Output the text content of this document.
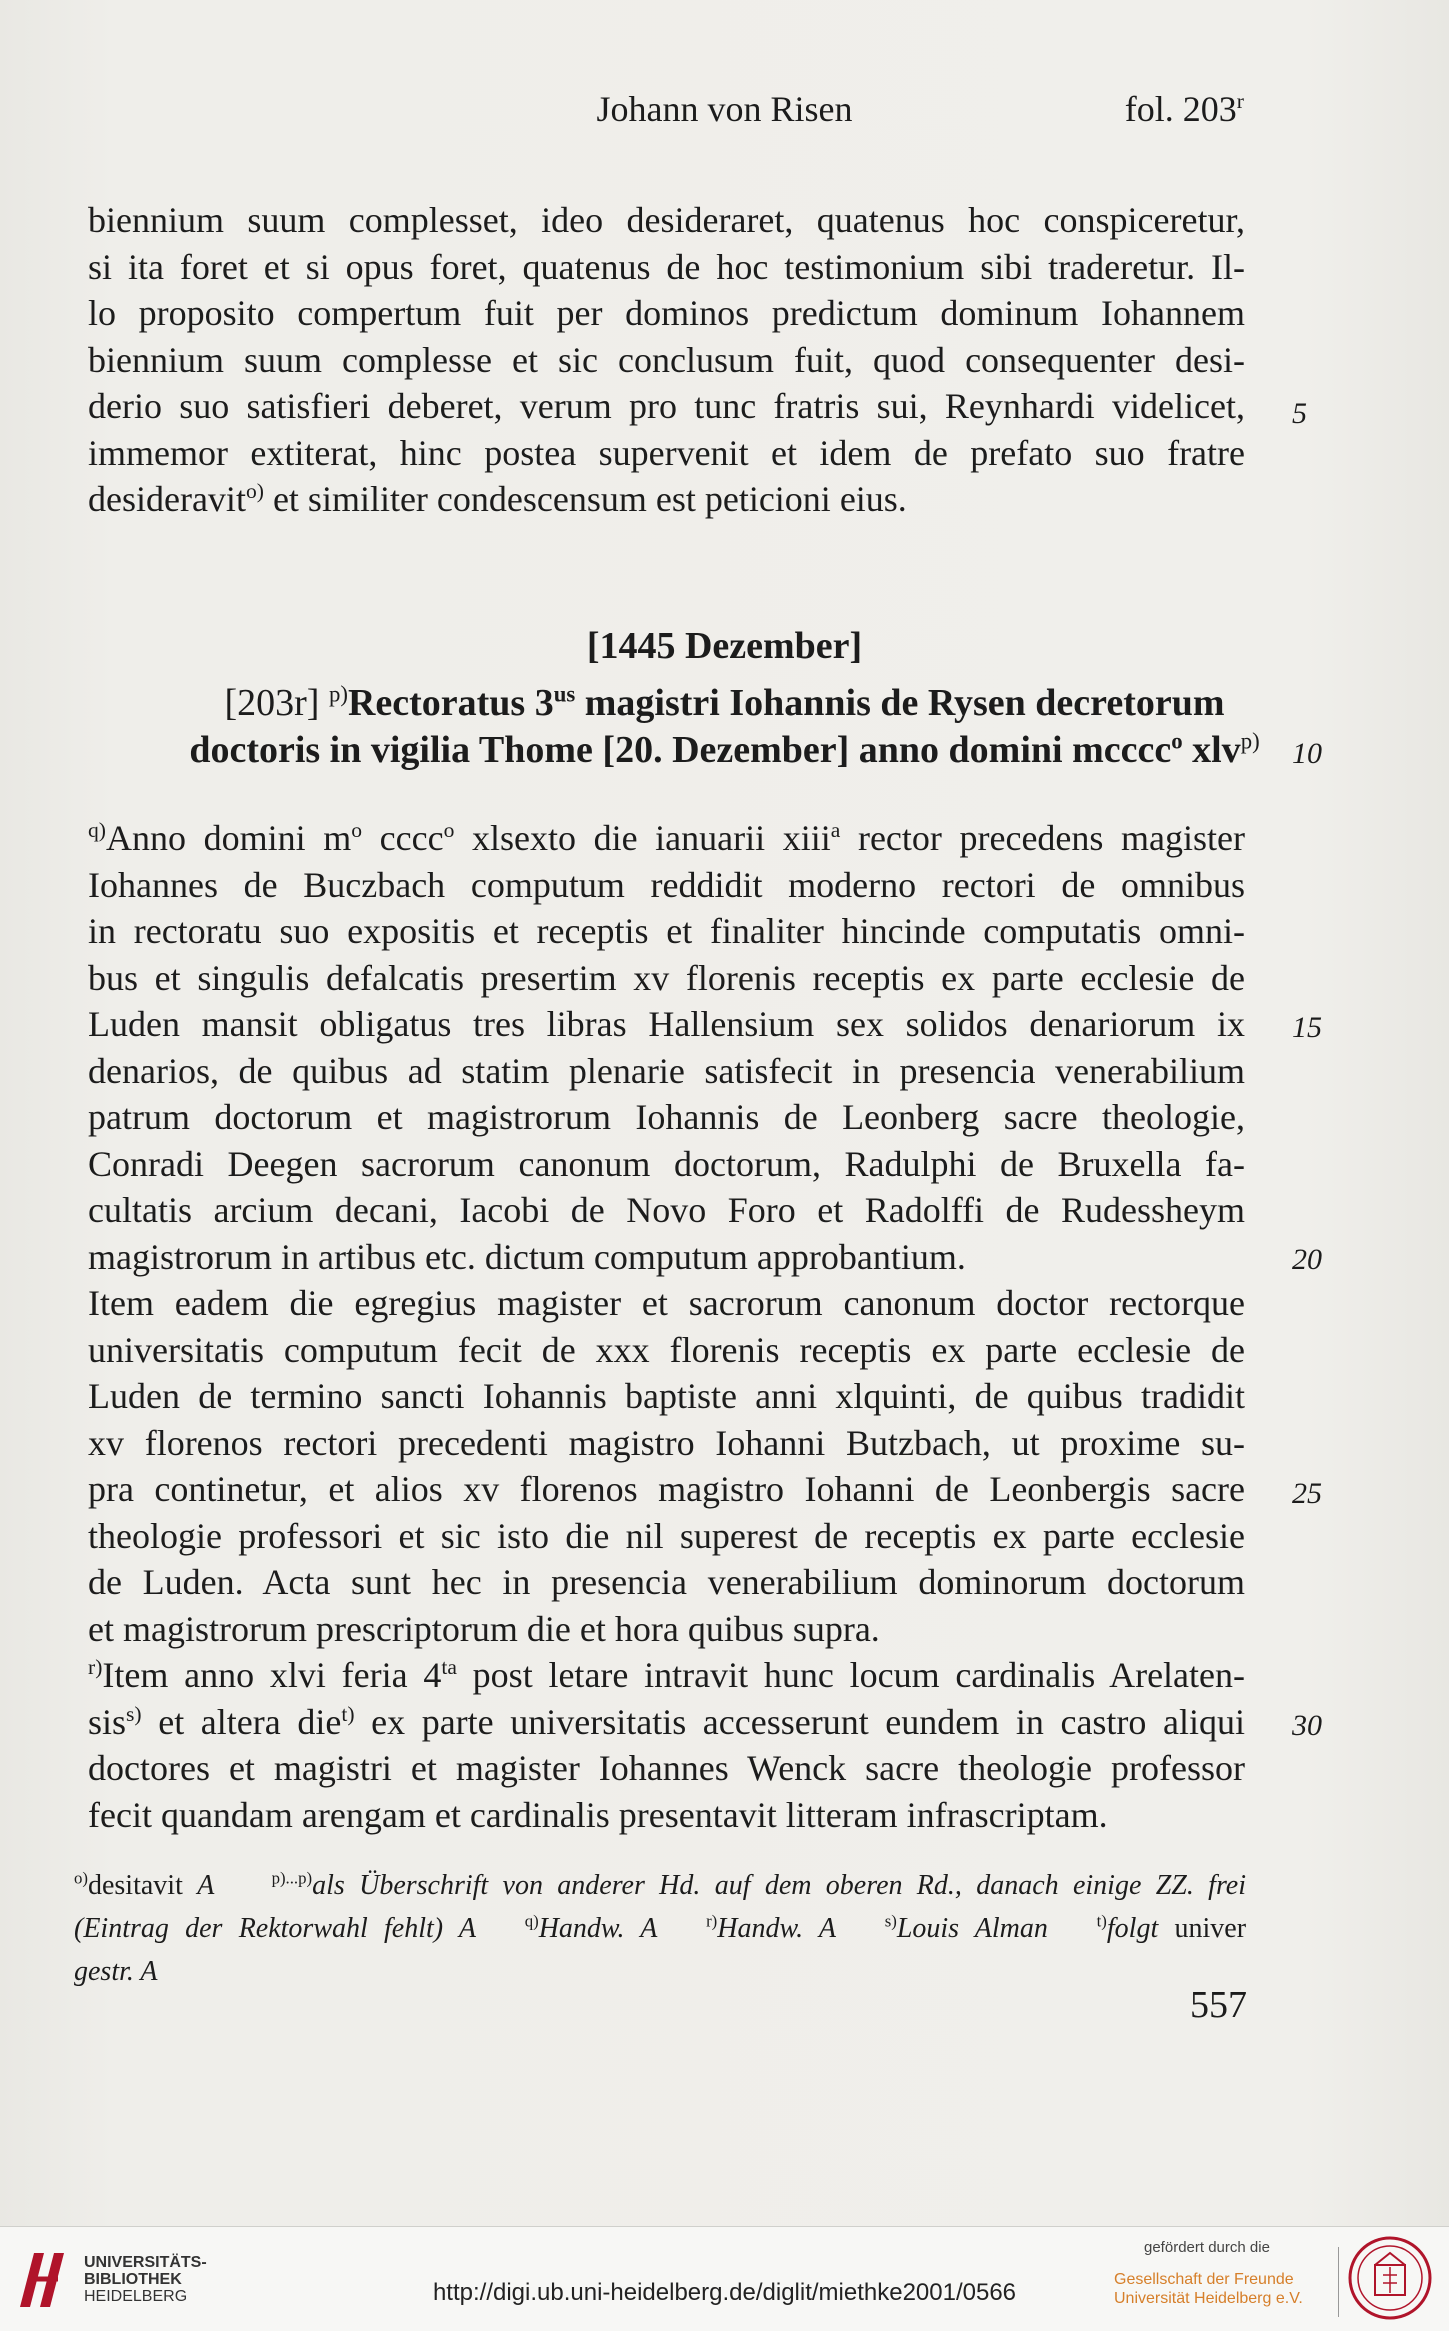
Johann von Risen	fol. 203$^r$
biennium suum complesset, ideo desideraret, quatenus hoc conspiceretur,
si ita foret et si opus foret, quatenus de hoc testimonium sibi traderetur. Il-
lo proposito compertum fuit per dominos predictum dominum Iohannem
biennium suum complesse et sic conclusum fuit, quod consequenter desi-
derio suo satisfieri deberet, verum pro tunc fratris sui, Reynhardi videlicet,
immemor extiterat, hinc postea supervenit et idem de prefato suo fratre
desideravit$^{o)}$ et similiter condescensum est peticioni eius.
[1445 Dezember]
[203r] $^{p)}$Rectoratus $3^{us}$ magistri Iohannis de Rysen decretorum
doctoris in vigilia Thome [20. Dezember] anno domini mcccc$^o$ xlv$^{p)}$
$^{q)}$Anno domini $m^o$ cccc$^o$ xlsexto die ianuarii xiii$^a$ rector precedens magister
Iohannes de Buczbach computum reddidit moderno rectori de omnibus
in rectoratu suo expositis et receptis et finaliter hincinde computatis omni-
bus et singulis defalcatis presertim xv florenis receptis ex parte ecclesie de
Luden mansit obligatus tres libras Hallensium sex solidos denariorum ix
denarios, de quibus ad statim plenarie satisfecit in presencia venerabilium
patrum doctorum et magistrorum Iohannis de Leonberg sacre theologie,
Conradi Deegen sacrorum canonum doctorum, Radulphi de Bruxella fa-
cultatis arcium decani, Iacobi de Novo Foro et Radolffi de Rudessheym
magistrorum in artibus etc. dictum computum approbantium.
Item eadem die egregius magister et sacrorum canonum doctor rectorque
universitatis computum fecit de xxx florenis receptis ex parte ecclesie de
Luden de termino sancti Iohannis baptiste anni xlquinti, de quibus tradidit
xv florenos rectori precedenti magistro Iohanni Butzbach, ut proxime su-
pra continetur, et alios xv florenos magistro Iohanni de Leonbergis sacre
theologie professori et sic isto die nil superest de receptis ex parte ecclesie
de Luden. Acta sunt hec in presencia venerabilium dominorum doctorum
et magistrorum prescriptorum die et hora quibus supra.
$^{r)}$Item anno xlvi feria $4^{ta}$ post letare intravit hunc locum cardinalis Arelaten-
sis$^{s)}$ et altera die$^{t)}$ ex parte universitatis accesserunt eundem in castro aliqui
doctores et magistri et magister Iohannes Wenck sacre theologie professor
fecit quandam arengam et cardinalis presentavit litteram infrascriptam.
5
10
15
20
25
30
$^{o)}$desitavit A	$^{p)...p)}$als Überschrift von anderer Hd. auf dem oberen Rd., danach einige ZZ. frei
(Eintrag der Rektorwahl fehlt) A	$^{q)}$Handw. A	$^{r)}$Handw. A	$^{s)}$Louis Alman	$^{t)}$folgt univer
gestr. A
557
UNIVERSITÄTS-
BIBLIOTHEK
HEIDELBERG	http://digi.ub.uni-heidelberg.de/diglit/miethke2001/0566
gefördert durch die
Gesellschaft der Freunde
Universität Heidelberg e.V.
